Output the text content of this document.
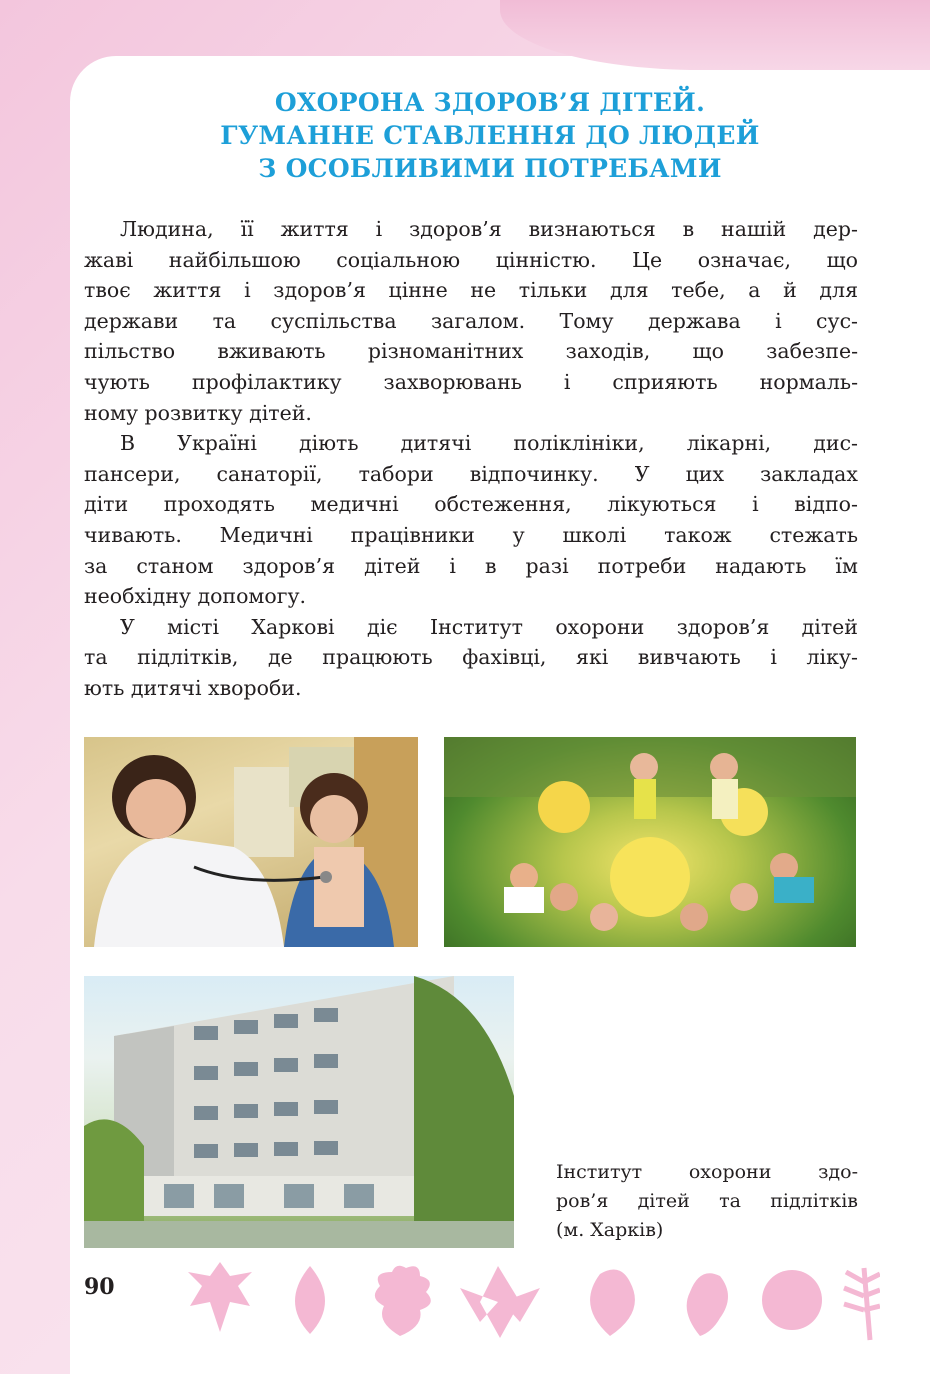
ОХОРОНА ЗДОРОВ’Я ДІТЕЙ.
ГУМАННЕ СТАВЛЕННЯ ДО ЛЮДЕЙ
З ОСОБЛИВИМИ ПОТРЕБАМИ
Людина, її життя і здоров’я визнаються в нашій дер-
жаві найбільшою соціальною цінністю. Це означає, що
твоє життя і здоров’я цінне не тільки для тебе, а й для
держави та суспільства загалом. Тому держава і сус-
пільство вживають різноманітних заходів, що забезпе-
чують профілактику захворювань і сприяють нормаль-
ному розвитку дітей.
В Україні діють дитячі поліклініки, лікарні, дис-
пансери, санаторії, табори відпочинку. У цих закладах
діти проходять медичні обстеження, лікуються і відпо-
чивають. Медичні працівники у школі також стежать
за станом здоров’я дітей і в разі потреби надають їм
необхідну допомогу.
У місті Харкові діє Інститут охорони здоров’я дітей
та підлітків, де працюють фахівці, які вивчають і ліку-
ють дитячі хвороби.
Інститут охорони здо-
ров’я дітей та підлітків
(м. Харків)
90
